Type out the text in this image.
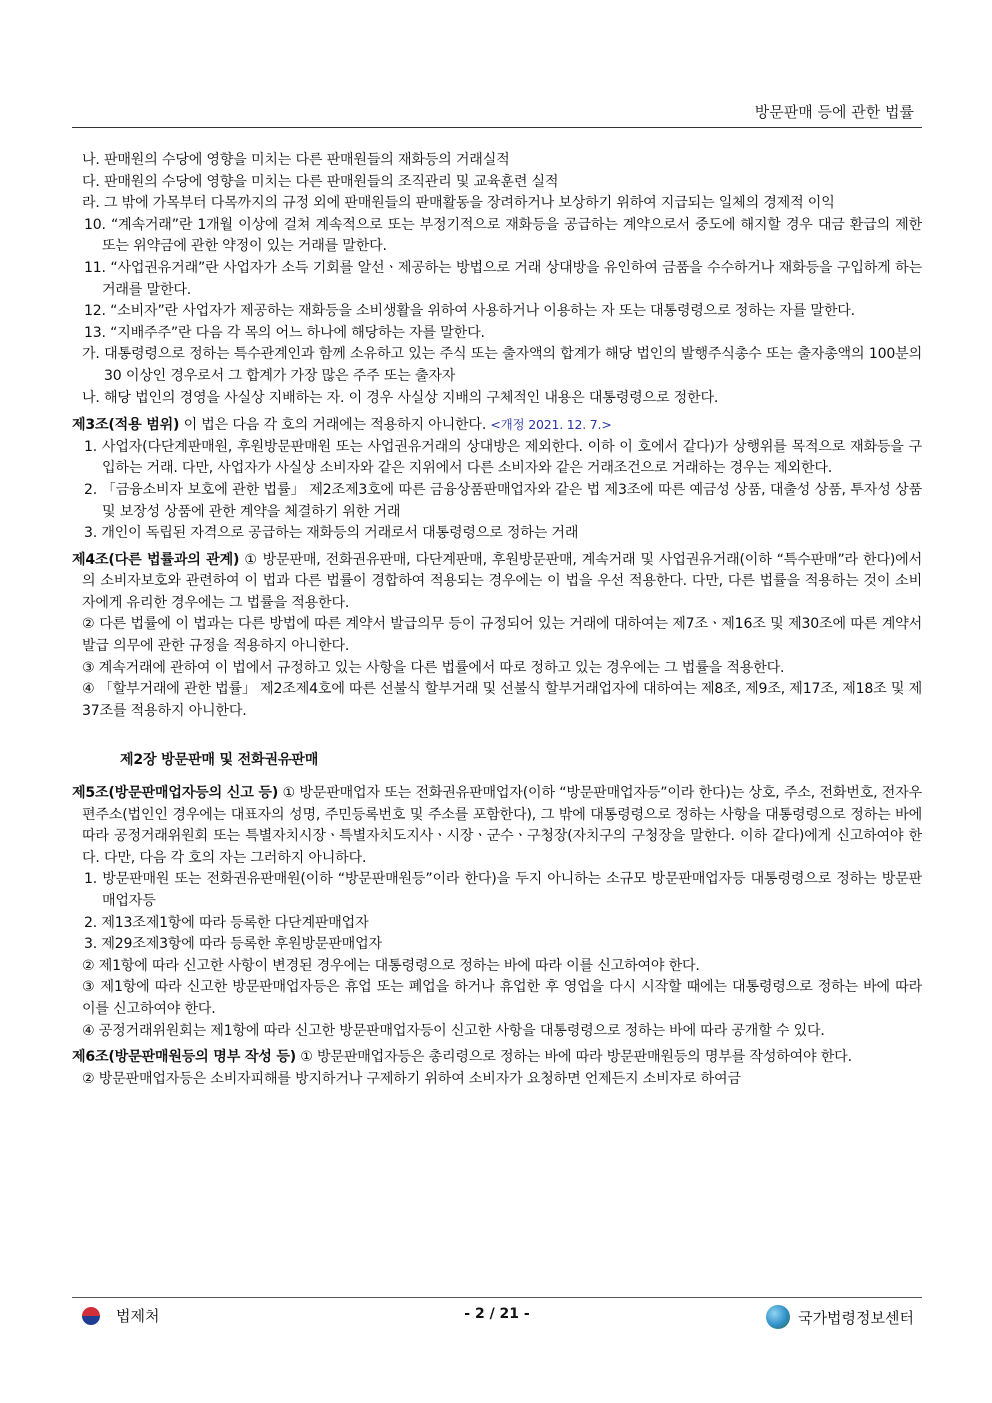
방문판매 등에 관한 법률

나. 판매원의 수당에 영향을 미치는 다른 판매원들의 재화등의 거래실적

다. 판매원의 수당에 영향을 미치는 다른 판매원들의 조직관리 및 교육훈련 실적

라. 그 밖에 가목부터 다목까지의 규정 외에 판매원들의 판매활동을 장려하거나 보상하기 위하여 지급되는 일체의 경제적 이익

10. “계속거래”란 1개월 이상에 걸쳐 계속적으로 또는 부정기적으로 재화등을 공급하는 계약으로서 중도에 해지할 경우 대금 환급의 제한 또는 위약금에 관한 약정이 있는 거래를 말한다.

11. “사업권유거래”란 사업자가 소득 기회를 알선ㆍ제공하는 방법으로 거래 상대방을 유인하여 금품을 수수하거나 재화등을 구입하게 하는 거래를 말한다.

12. “소비자”란 사업자가 제공하는 재화등을 소비생활을 위하여 사용하거나 이용하는 자 또는 대통령령으로 정하는 자를 말한다.

13. “지배주주”란 다음 각 목의 어느 하나에 해당하는 자를 말한다.

가. 대통령령으로 정하는 특수관계인과 함께 소유하고 있는 주식 또는 출자액의 합계가 해당 법인의 발행주식총수 또는 출자총액의 100분의 30 이상인 경우로서 그 합계가 가장 많은 주주 또는 출자자

나. 해당 법인의 경영을 사실상 지배하는 자. 이 경우 사실상 지배의 구체적인 내용은 대통령령으로 정한다.

제3조(적용 범위) 이 법은 다음 각 호의 거래에는 적용하지 아니한다. <개정 2021. 12. 7.>

1. 사업자(다단계판매원, 후원방문판매원 또는 사업권유거래의 상대방은 제외한다. 이하 이 호에서 같다)가 상행위를 목적으로 재화등을 구입하는 거래. 다만, 사업자가 사실상 소비자와 같은 지위에서 다른 소비자와 같은 거래조건으로 거래하는 경우는 제외한다.

2. 「금융소비자 보호에 관한 법률」 제2조제3호에 따른 금융상품판매업자와 같은 법 제3조에 따른 예금성 상품, 대출성 상품, 투자성 상품 및 보장성 상품에 관한 계약을 체결하기 위한 거래

3. 개인이 독립된 자격으로 공급하는 재화등의 거래로서 대통령령으로 정하는 거래

제4조(다른 법률과의 관계) ① 방문판매, 전화권유판매, 다단계판매, 후원방문판매, 계속거래 및 사업권유거래(이하 “특수판매”라 한다)에서의 소비자보호와 관련하여 이 법과 다른 법률이 경합하여 적용되는 경우에는 이 법을 우선 적용한다. 다만, 다른 법률을 적용하는 것이 소비자에게 유리한 경우에는 그 법률을 적용한다.

② 다른 법률에 이 법과는 다른 방법에 따른 계약서 발급의무 등이 규정되어 있는 거래에 대하여는 제7조ㆍ제16조 및 제30조에 따른 계약서 발급 의무에 관한 규정을 적용하지 아니한다.

③ 계속거래에 관하여 이 법에서 규정하고 있는 사항을 다른 법률에서 따로 정하고 있는 경우에는 그 법률을 적용한다.

④ 「할부거래에 관한 법률」 제2조제4호에 따른 선불식 할부거래 및 선불식 할부거래업자에 대하여는 제8조, 제9조, 제17조, 제18조 및 제37조를 적용하지 아니한다.

제2장 방문판매 및 전화권유판매

제5조(방문판매업자등의 신고 등) ① 방문판매업자 또는 전화권유판매업자(이하 “방문판매업자등”이라 한다)는 상호, 주소, 전화번호, 전자우편주소(법인인 경우에는 대표자의 성명, 주민등록번호 및 주소를 포함한다), 그 밖에 대통령령으로 정하는 사항을 대통령령으로 정하는 바에 따라 공정거래위원회 또는 특별자치시장ㆍ특별자치도지사ㆍ시장ㆍ군수ㆍ구청장(자치구의 구청장을 말한다. 이하 같다)에게 신고하여야 한다. 다만, 다음 각 호의 자는 그러하지 아니하다.

1. 방문판매원 또는 전화권유판매원(이하 “방문판매원등”이라 한다)을 두지 아니하는 소규모 방문판매업자등 대통령령으로 정하는 방문판매업자등

2. 제13조제1항에 따라 등록한 다단계판매업자

3. 제29조제3항에 따라 등록한 후원방문판매업자

② 제1항에 따라 신고한 사항이 변경된 경우에는 대통령령으로 정하는 바에 따라 이를 신고하여야 한다.

③ 제1항에 따라 신고한 방문판매업자등은 휴업 또는 폐업을 하거나 휴업한 후 영업을 다시 시작할 때에는 대통령령으로 정하는 바에 따라 이를 신고하여야 한다.

④ 공정거래위원회는 제1항에 따라 신고한 방문판매업자등이 신고한 사항을 대통령령으로 정하는 바에 따라 공개할 수 있다.

제6조(방문판매원등의 명부 작성 등) ① 방문판매업자등은 총리령으로 정하는 바에 따라 방문판매원등의 명부를 작성하여야 한다.

② 방문판매업자등은 소비자피해를 방지하거나 구제하기 위하여 소비자가 요청하면 언제든지 소비자로 하여금

법제처	- 2 / 21 -	국가법령정보센터
